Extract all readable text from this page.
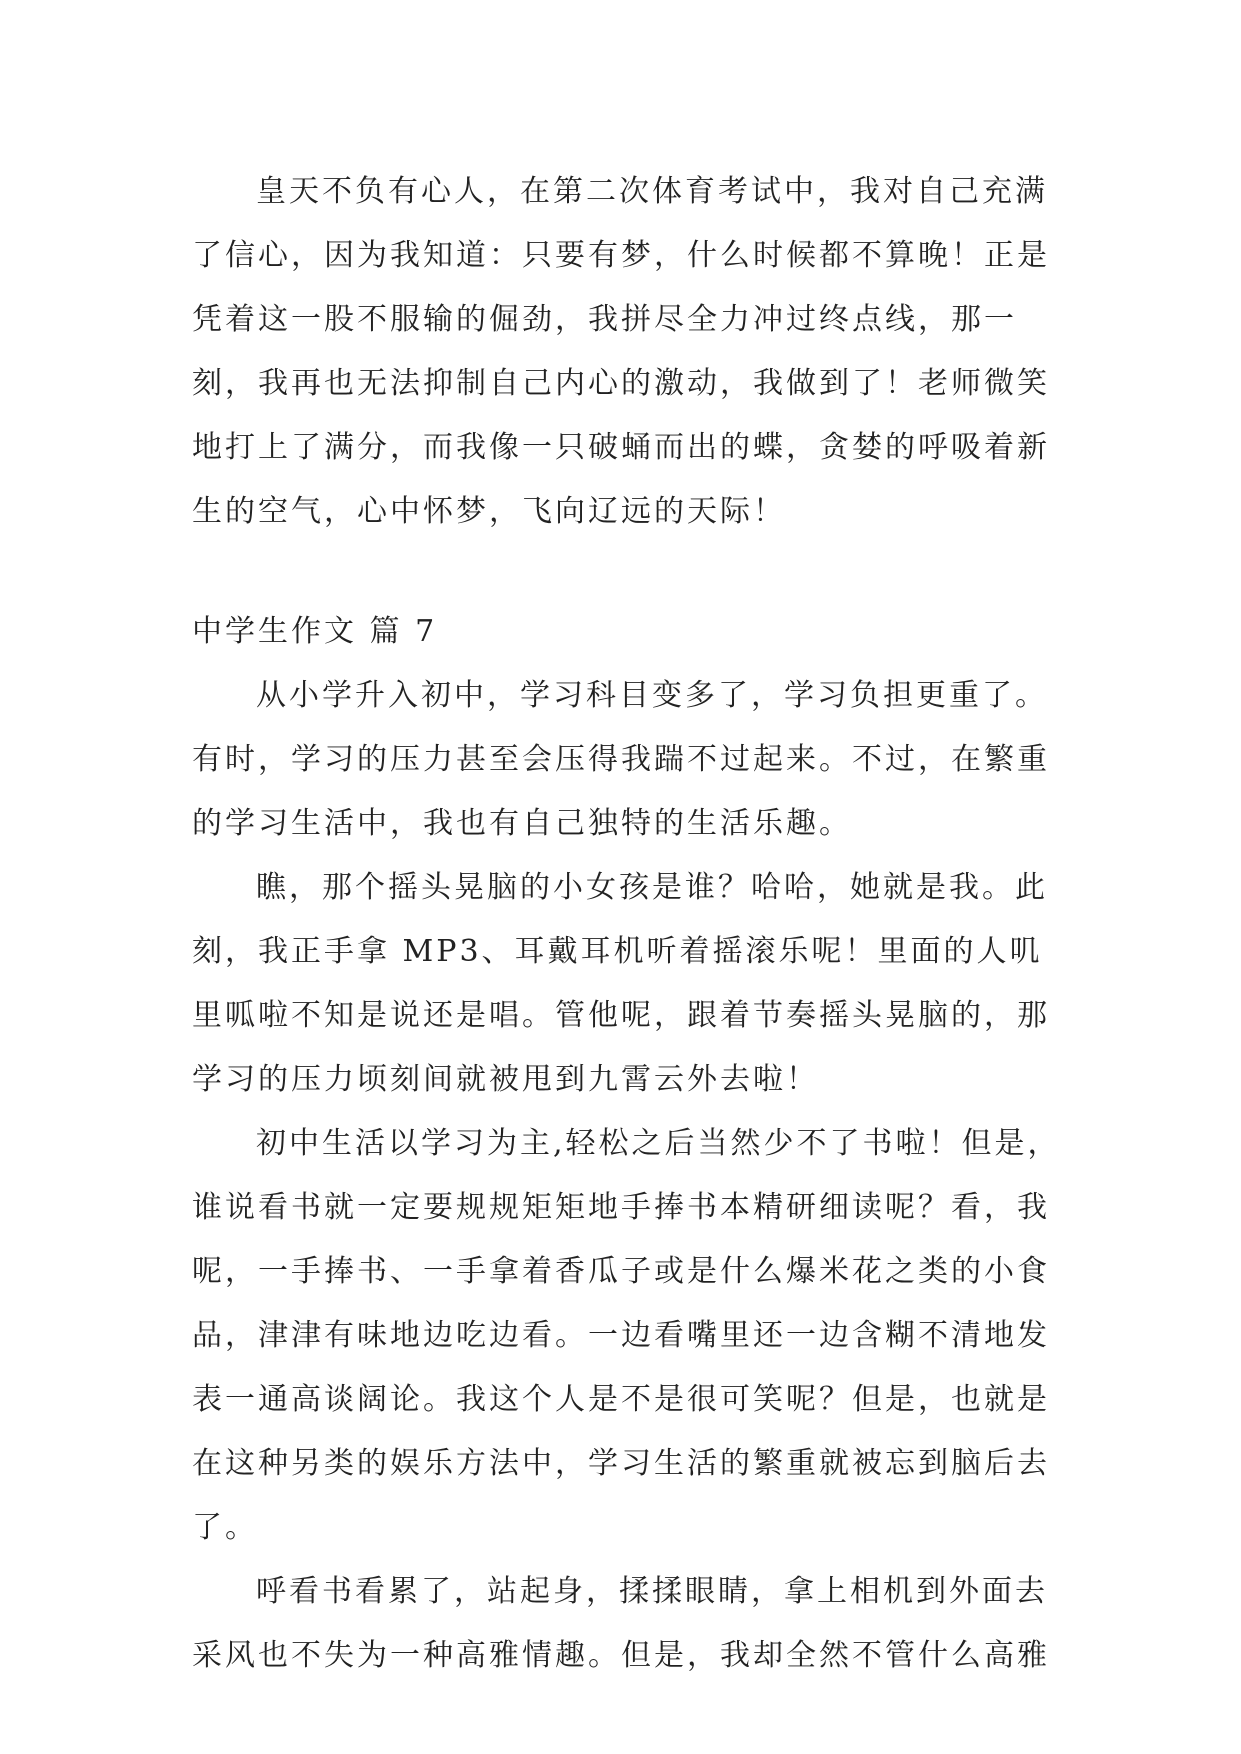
皇天不负有心人，在第二次体育考试中，我对自己充满了信心，因为我知道：只要有梦，什么时候都不算晚！正是凭着这一股不服输的倔劲，我拼尽全力冲过终点线，那一刻，我再也无法抑制自己内心的激动，我做到了！老师微笑地打上了满分，而我像一只破蛹而出的蝶，贪婪的呼吸着新生的空气，心中怀梦，飞向辽远的天际！

中学生作文 篇 7

从小学升入初中，学习科目变多了，学习负担更重了。有时，学习的压力甚至会压得我踹不过起来。不过，在繁重的学习生活中，我也有自己独特的生活乐趣。

瞧，那个摇头晃脑的小女孩是谁？哈哈，她就是我。此刻，我正手拿 MP3、耳戴耳机听着摇滚乐呢！里面的人叽里呱啦不知是说还是唱。管他呢，跟着节奏摇头晃脑的，那学习的压力顷刻间就被甩到九霄云外去啦！

初中生活以学习为主,轻松之后当然少不了书啦！但是，谁说看书就一定要规规矩矩地手捧书本精研细读呢？看，我呢，一手捧书、一手拿着香瓜子或是什么爆米花之类的小食品，津津有味地边吃边看。一边看嘴里还一边含糊不清地发表一通高谈阔论。我这个人是不是很可笑呢？但是，也就是在这种另类的娱乐方法中，学习生活的繁重就被忘到脑后去了。

呼看书看累了，站起身，揉揉眼睛，拿上相机到外面去采风也不失为一种高雅情趣。但是，我却全然不管什么高雅
